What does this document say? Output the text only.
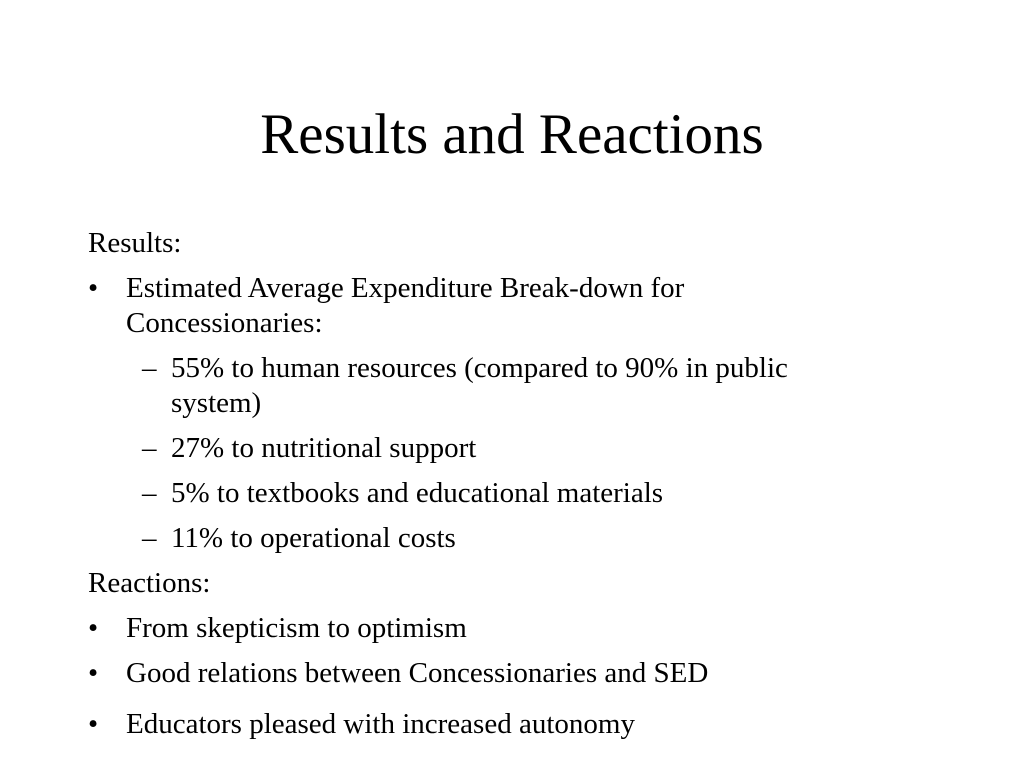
Results and Reactions

Results:

• Estimated Average Expenditure Break-down for
Concessionaries:
– 55% to human resources (compared to 90% in public
system)
– 27% to nutritional support
– 5% to textbooks and educational materials
– 11% to operational costs

Reactions:

• From skepticism to optimism
• Good relations between Concessionaries and SED
• Educators pleased with increased autonomy
